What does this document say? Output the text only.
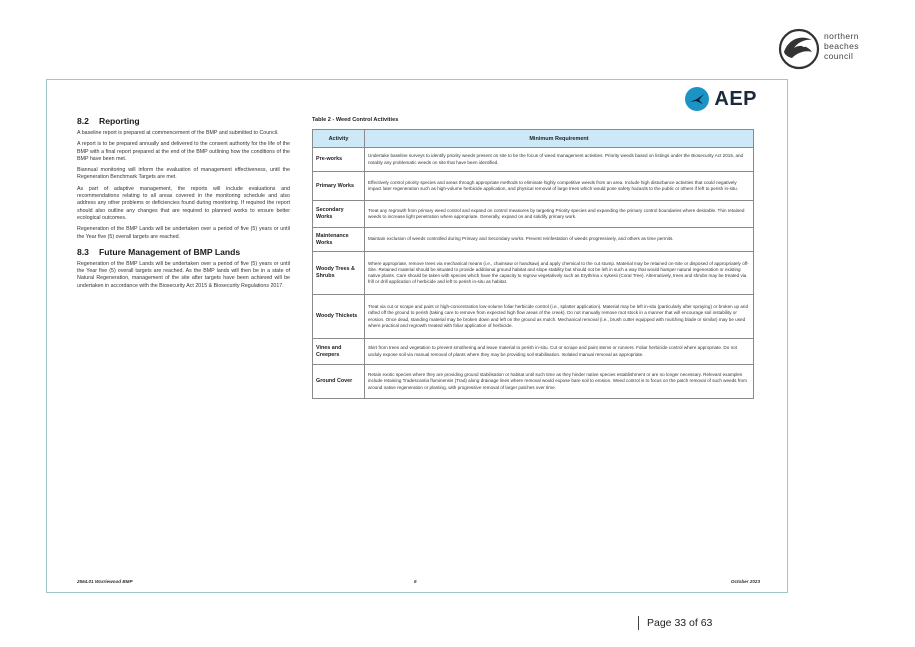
northern
beaches
council
AEP
8.2 Reporting

A baseline report is prepared at commencement of the BMP and submitted to Council.

A report is to be prepared annually and delivered to the consent authority for the life of the BMP with a final report prepared at the end of the BMP outlining how the conditions of the BMP have been met.

Biannual monitoring will inform the evaluation of management effectiveness, until the Regeneration Benchmark Targets are met.

As part of adaptive management, the reports will include evaluations and recommendations relating to all areas covered in the monitoring schedule and also address any other problems or deficiencies found during monitoring. If required the report should also outline any changes that are required to planned works to ensure better ecological outcomes.

Regeneration of the BMP Lands will be undertaken over a period of five (5) years or until the Year five (5) overall targets are reached.

8.3 Future Management of BMP Lands

Regeneration of the BMP Lands will be undertaken over a period of five (5) years or until the Year five (5) overall targets are reached. As the BMP lands will then be in a state of Natural Regeneration, management of the site after targets have been achieved will be undertaken in accordance with the Biosecurity Act 2015 & Biosecurity Regulations 2017.

Table 2 - Weed Control Activities
Activity	Minimum Requirement
Pre-works	Undertake baseline surveys to identify priority weeds present on site to be the focus of weed management activities. Priority weeds based on listings under the Biosecurity Act 2015, and notably any problematic weeds on site that have been identified.
Primary Works	Effectively control priority species and areas through appropriate methods to eliminate highly competitive weeds from an area. Include high disturbance activities that could negatively impact later regeneration such as high-volume herbicide application, and physical removal of large trees which would pose safety hazards to the public or others if left to perish in-situ.
Secondary Works	Treat any regrowth from primary weed control and expand on control measures by targeting Priority species and expanding the primary control boundaries where desirable. Thin retained weeds to increase light penetration where appropriate. Generally, expand on and solidify primary work.
Maintenance Works	Maintain exclusion of weeds controlled during Primary and Secondary works. Prevent reinfestation of weeds progressively, and others as time permits.
Woody Trees & Shrubs	Where appropriate, remove trees via mechanical means (i.e., chainsaw or handsaw) and apply chemical to the cut stump. Material may be retained on-Site or disposed of appropriately off-Site. Retained material should be situated to provide additional ground habitat and slope stability but should not be left in such a way that would hamper natural regeneration or existing native plants. Care should be taken with species which have the capacity to regrow vegetatively such as Erythrina x sykesii (Coral Tree). Alternatively, trees and shrubs may be treated via frill or drill application of herbicide and left to perish in-situ as habitat.
Woody Thickets	Treat via cut or scrape and paint or high-concentration low-volume foliar herbicide control (i.e., splatter application). Material may be left in-situ (particularly after spraying) or broken up and rafted off the ground to perish (taking care to remove from expected high flow areas of the creek). Do not manually remove root stock in a manner that will encourage soil instability or erosion. Once dead, standing material may be broken down and left on the ground as mulch. Mechanical removal (i.e., brush cutter equipped with mulching blade or similar) may be used where practical and regrowth treated with foliar application of herbicide.
Vines and Creepers	Skirt from trees and vegetation to prevent smothering and leave material to perish in-situ. Cut or scrape and paint stems or runners. Foliar herbicide control where appropriate. Do not unduly expose soil via manual removal of plants where they may be providing soil stabilisation. Isolated manual removal as appropriate.
Ground Cover	Retain exotic species where they are providing ground stabilisation or habitat until such time as they hinder native species establishment or are no longer necessary. Relevant examples include retaining Tradescantia fluminensis (Trad) along drainage lines where removal would expose bare soil to erosion. Weed control is to focus on the patch removal of such weeds from around native regeneration or planting, with progressive removal of larger patches over time.
2564.01 Warriewood BMP	6	October 2023
Page 33 of 63
